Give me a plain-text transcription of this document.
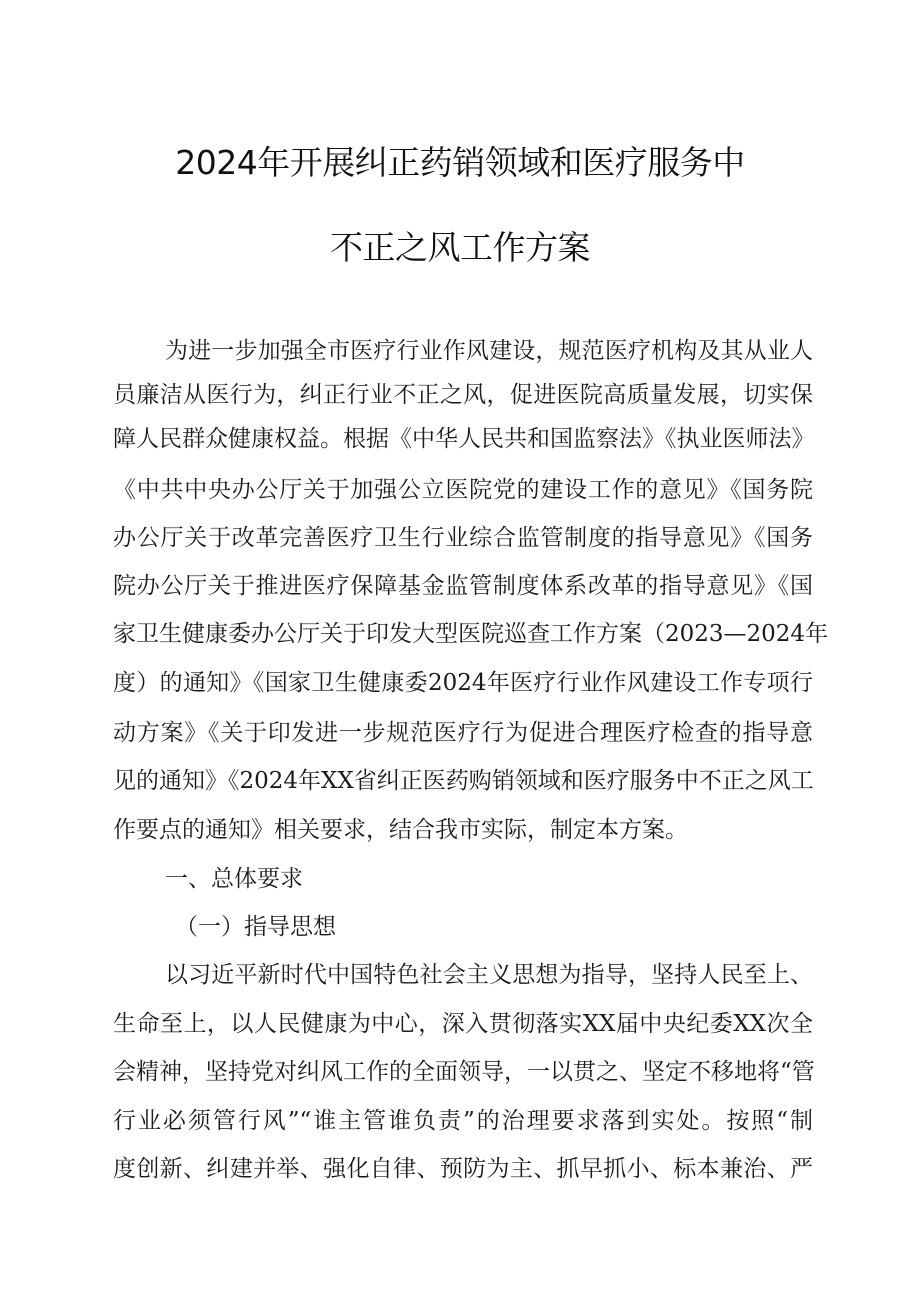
2024年开展纠正药销领域和医疗服务中
不正之风工作方案
为进一步加强全市医疗行业作风建设，规范医疗机构及其从业人
员廉洁从医行为，纠正行业不正之风，促进医院高质量发展，切实保
障人民群众健康权益。根据《中华人民共和国监察法》《执业医师法》
《中共中央办公厅关于加强公立医院党的建设工作的意见》《国务院
办公厅关于改革完善医疗卫生行业综合监管制度的指导意见》《国务
院办公厅关于推进医疗保障基金监管制度体系改革的指导意见》《国
家卫生健康委办公厅关于印发大型医院巡查工作方案（2023—2024年
度）的通知》《国家卫生健康委2024年医疗行业作风建设工作专项行
动方案》《关于印发进一步规范医疗行为促进合理医疗检查的指导意
见的通知》《2024年XX省纠正医药购销领域和医疗服务中不正之风工
作要点的通知》相关要求，结合我市实际，制定本方案。
一、总体要求
（一）指导思想
以习近平新时代中国特色社会主义思想为指导，坚持人民至上、
生命至上，以人民健康为中心，深入贯彻落实XX届中央纪委XX次全
会精神，坚持党对纠风工作的全面领导，一以贯之、坚定不移地将“管
行业必须管行风”“谁主管谁负责”的治理要求落到实处。按照“制
度创新、纠建并举、强化自律、预防为主、抓早抓小、标本兼治、严
